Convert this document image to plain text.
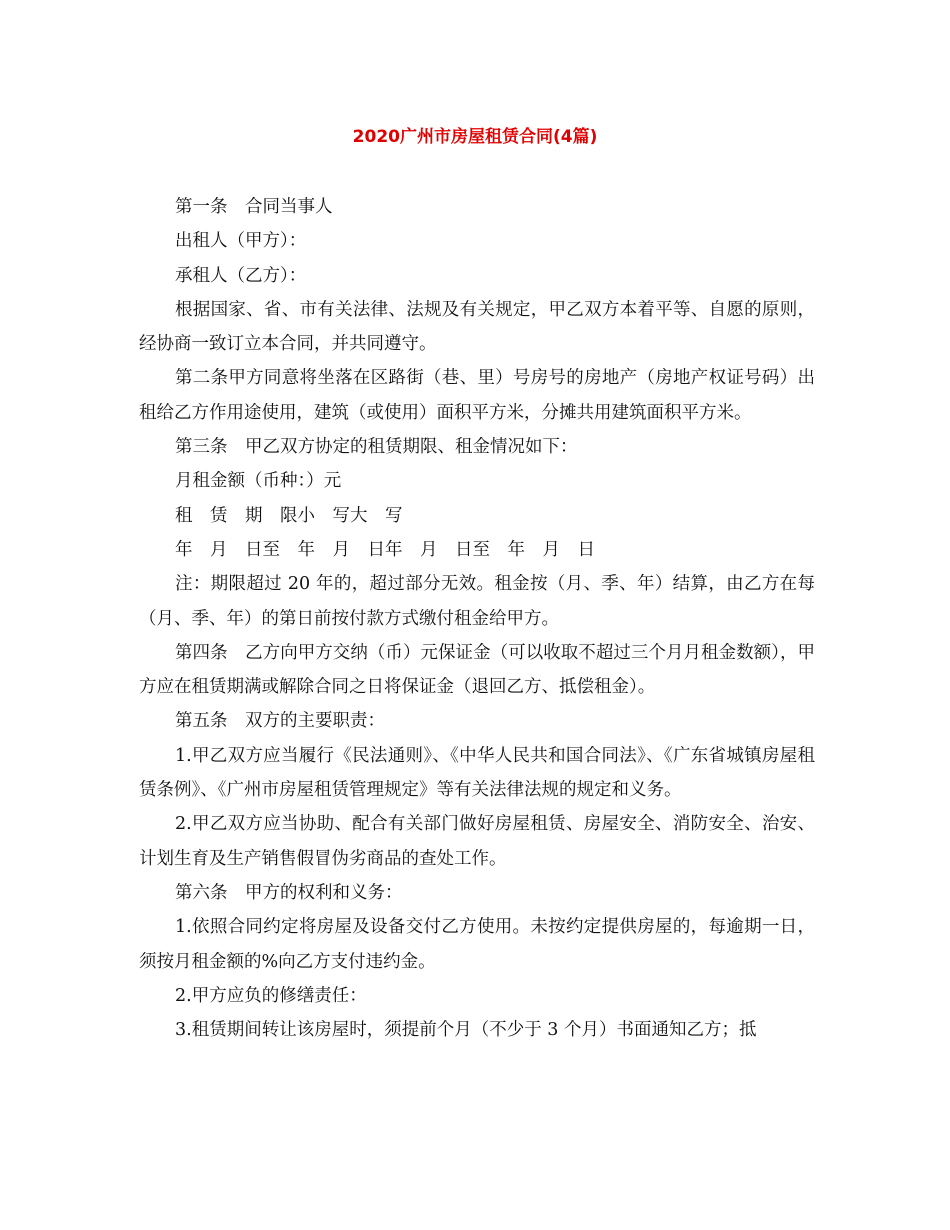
2020广州市房屋租赁合同(4篇)

第一条　合同当事人

出租人（甲方）：

承租人（乙方）：

根据国家、省、市有关法律、法规及有关规定，甲乙双方本着平等、自愿的原则，经协商一致订立本合同，并共同遵守。

第二条甲方同意将坐落在区路街（巷、里）号房号的房地产（房地产权证号码）出租给乙方作用途使用，建筑（或使用）面积平方米，分摊共用建筑面积平方米。

第三条　甲乙双方协定的租赁期限、租金情况如下：

月租金额（币种：）元

租　赁　期　限小　写大　写

年　月　日至　年　月　日年　月　日至　年　月　日

注：期限超过 20 年的，超过部分无效。租金按（月、季、年）结算，由乙方在每（月、季、年）的第日前按付款方式缴付租金给甲方。

第四条　乙方向甲方交纳（币）元保证金（可以收取不超过三个月月租金数额），甲方应在租赁期满或解除合同之日将保证金（退回乙方、抵偿租金）。

第五条　双方的主要职责：

1.甲乙双方应当履行《民法通则》、《中华人民共和国合同法》、《广东省城镇房屋租赁条例》、《广州市房屋租赁管理规定》等有关法律法规的规定和义务。

2.甲乙双方应当协助、配合有关部门做好房屋租赁、房屋安全、消防安全、治安、计划生育及生产销售假冒伪劣商品的查处工作。

第六条　甲方的权利和义务：

1.依照合同约定将房屋及设备交付乙方使用。未按约定提供房屋的，每逾期一日，须按月租金额的%向乙方支付违约金。

2.甲方应负的修缮责任：

3.租赁期间转让该房屋时，须提前个月（不少于 3 个月）书面通知乙方；抵
